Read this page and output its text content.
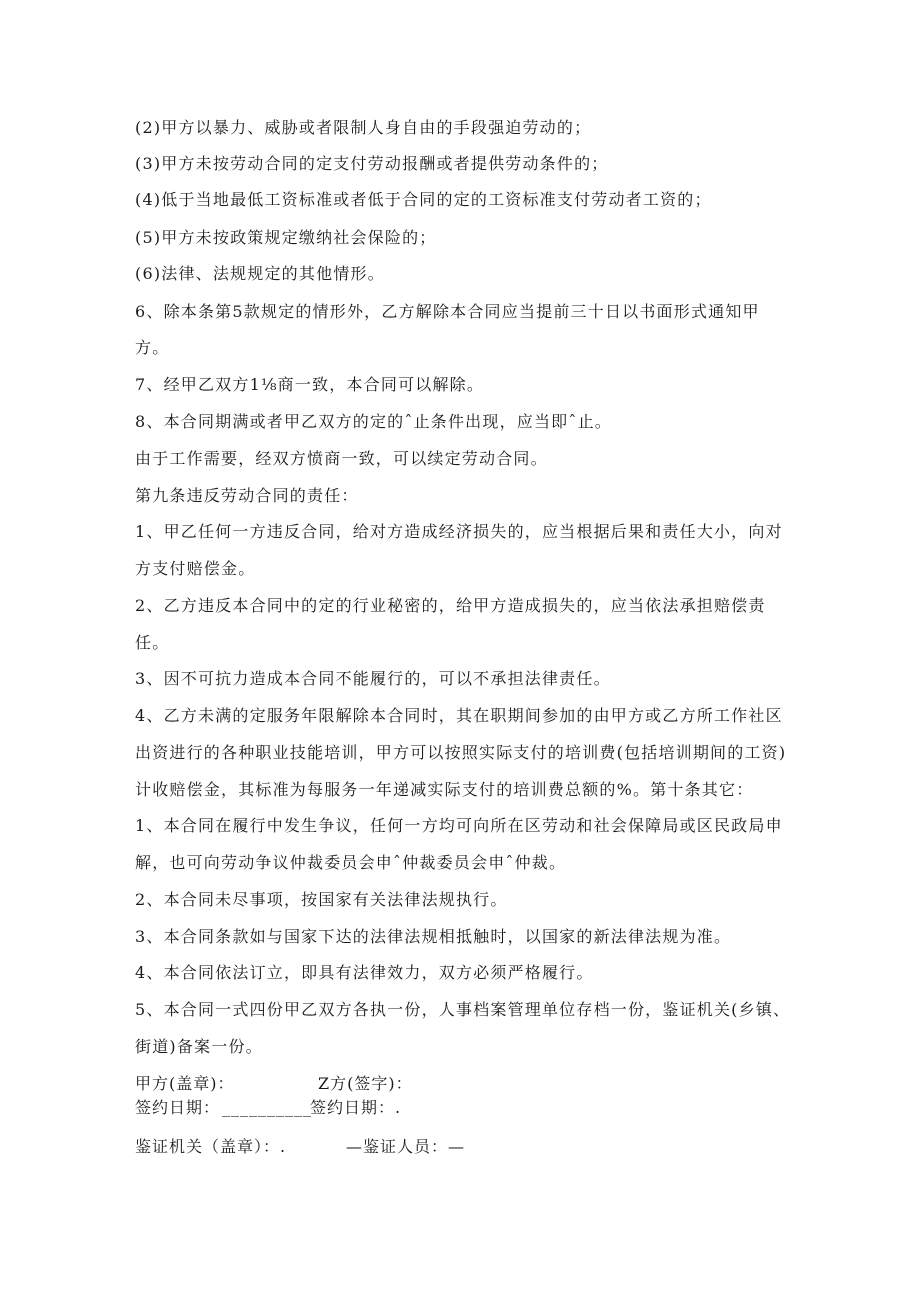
(2)甲方以暴力、威胁或者限制人身自由的手段强迫劳动的；
(3)甲方未按劳动合同的定支付劳动报酬或者提供劳动条件的；
(4)低于当地最低工资标准或者低于合同的定的工资标准支付劳动者工资的；
(5)甲方未按政策规定缴纳社会保险的；
(6)法律、法规规定的其他情形。
6、除本条第5款规定的情形外，乙方解除本合同应当提前三十日以书面形式通知甲
方。
7、经甲乙双方1⅛商一致，本合同可以解除。
8、本合同期满或者甲乙双方的定的ˆ止条件出现，应当即ˆ止。
由于工作需要，经双方愤商一致，可以续定劳动合同。
第九条违反劳动合同的责任：
1、甲乙任何一方违反合同，给对方造成经济损失的，应当根据后果和责任大小，向对
方支付赔偿金。
2、乙方违反本合同中的定的行业秘密的，给甲方造成损失的，应当依法承担赔偿责
任。
3、因不可抗力造成本合同不能履行的，可以不承担法律责任。
4、乙方未满的定服务年限解除本合同时，其在职期间参加的由甲方或乙方所工作社区
出资进行的各种职业技能培训，甲方可以按照实际支付的培训费(包括培训期间的工资)
计收赔偿金，其标准为每服务一年递减实际支付的培训费总额的%。第十条其它：
1、本合同在履行中发生争议，任何一方均可向所在区劳动和社会保障局或区民政局申
解，也可向劳动争议仲裁委员会申ˆ仲裁委员会申ˆ仲裁。
2、本合同未尽事项，按国家有关法律法规执行。
3、本合同条款如与国家下达的法律法规相抵触时，以国家的新法律法规为准。
4、本合同依法订立，即具有法律效力，双方必须严格履行。
5、本合同一式四份甲乙双方各执一份，人事档案管理单位存档一份，鉴证机关(乡镇、
街道)备案一份。
甲方(盖章)：	Z方(签字)：
签约日期： __________
签约日期：.
鉴证机关（盖章）：.	—鉴证人员：—
